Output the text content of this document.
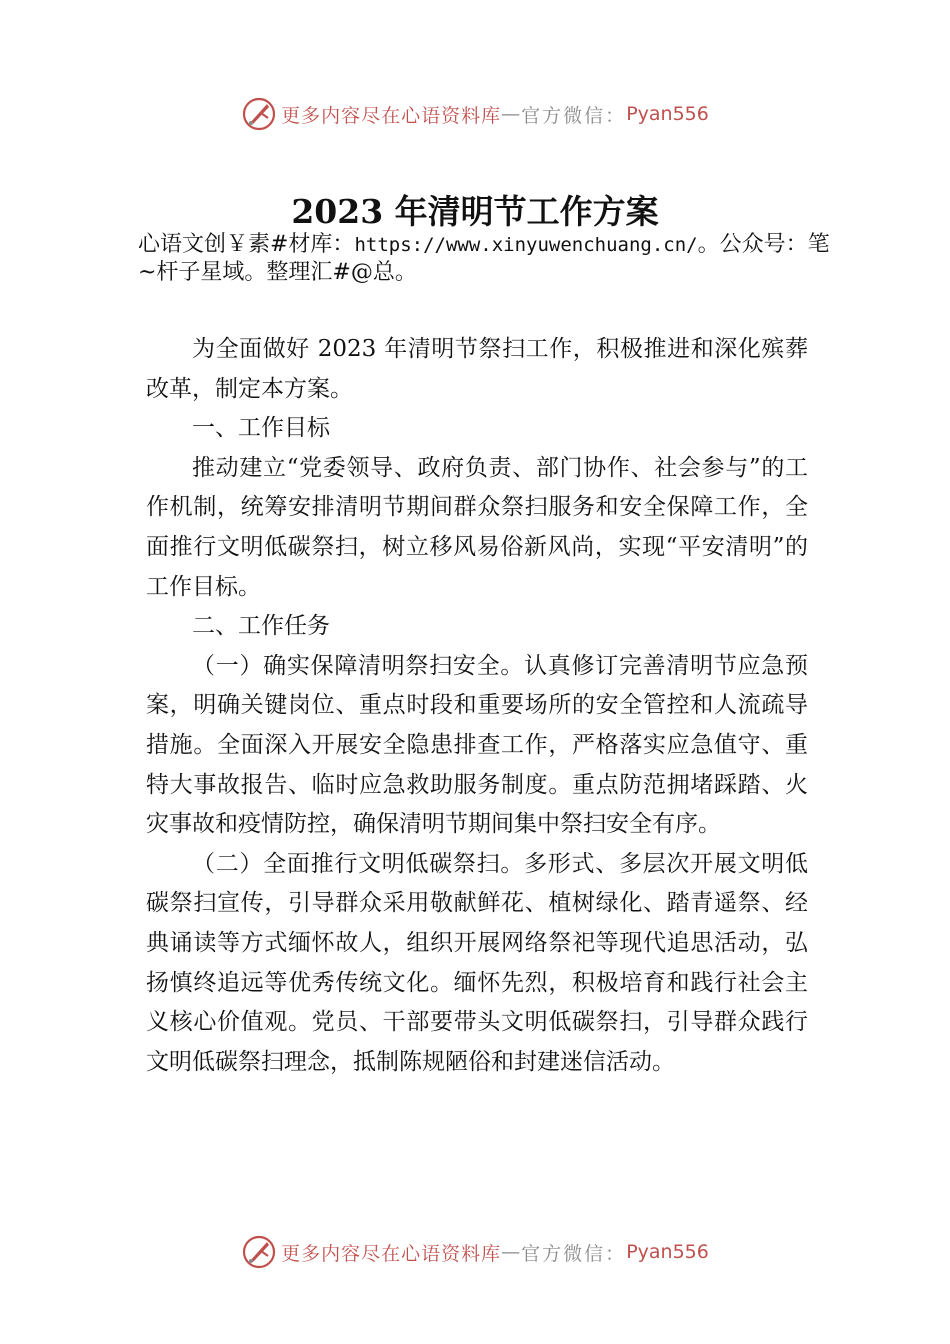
更多内容尽在心语资料库 — 官方微信： Pyan556
2023 年清明节工作方案
心语文创￥素#材库：https://www.xinyuwenchuang.cn/。公众号：笔~杆子星域。整理汇#@总。

为全面做好 2023 年清明节祭扫工作，积极推进和深化殡葬改革，制定本方案。

一、工作目标

推动建立“党委领导、政府负责、部门协作、社会参与”的工作机制，统筹安排清明节期间群众祭扫服务和安全保障工作，全面推行文明低碳祭扫，树立移风易俗新风尚，实现“平安清明”的工作目标。

二、工作任务

（一）确实保障清明祭扫安全。认真修订完善清明节应急预案，明确关键岗位、重点时段和重要场所的安全管控和人流疏导措施。全面深入开展安全隐患排查工作，严格落实应急值守、重特大事故报告、临时应急救助服务制度。重点防范拥堵踩踏、火灾事故和疫情防控，确保清明节期间集中祭扫安全有序。

（二）全面推行文明低碳祭扫。多形式、多层次开展文明低碳祭扫宣传，引导群众采用敬献鲜花、植树绿化、踏青遥祭、经典诵读等方式缅怀故人，组织开展网络祭祀等现代追思活动，弘扬慎终追远等优秀传统文化。缅怀先烈，积极培育和践行社会主义核心价值观。党员、干部要带头文明低碳祭扫，引导群众践行文明低碳祭扫理念，抵制陈规陋俗和封建迷信活动。

更多内容尽在心语资料库 — 官方微信： Pyan556
